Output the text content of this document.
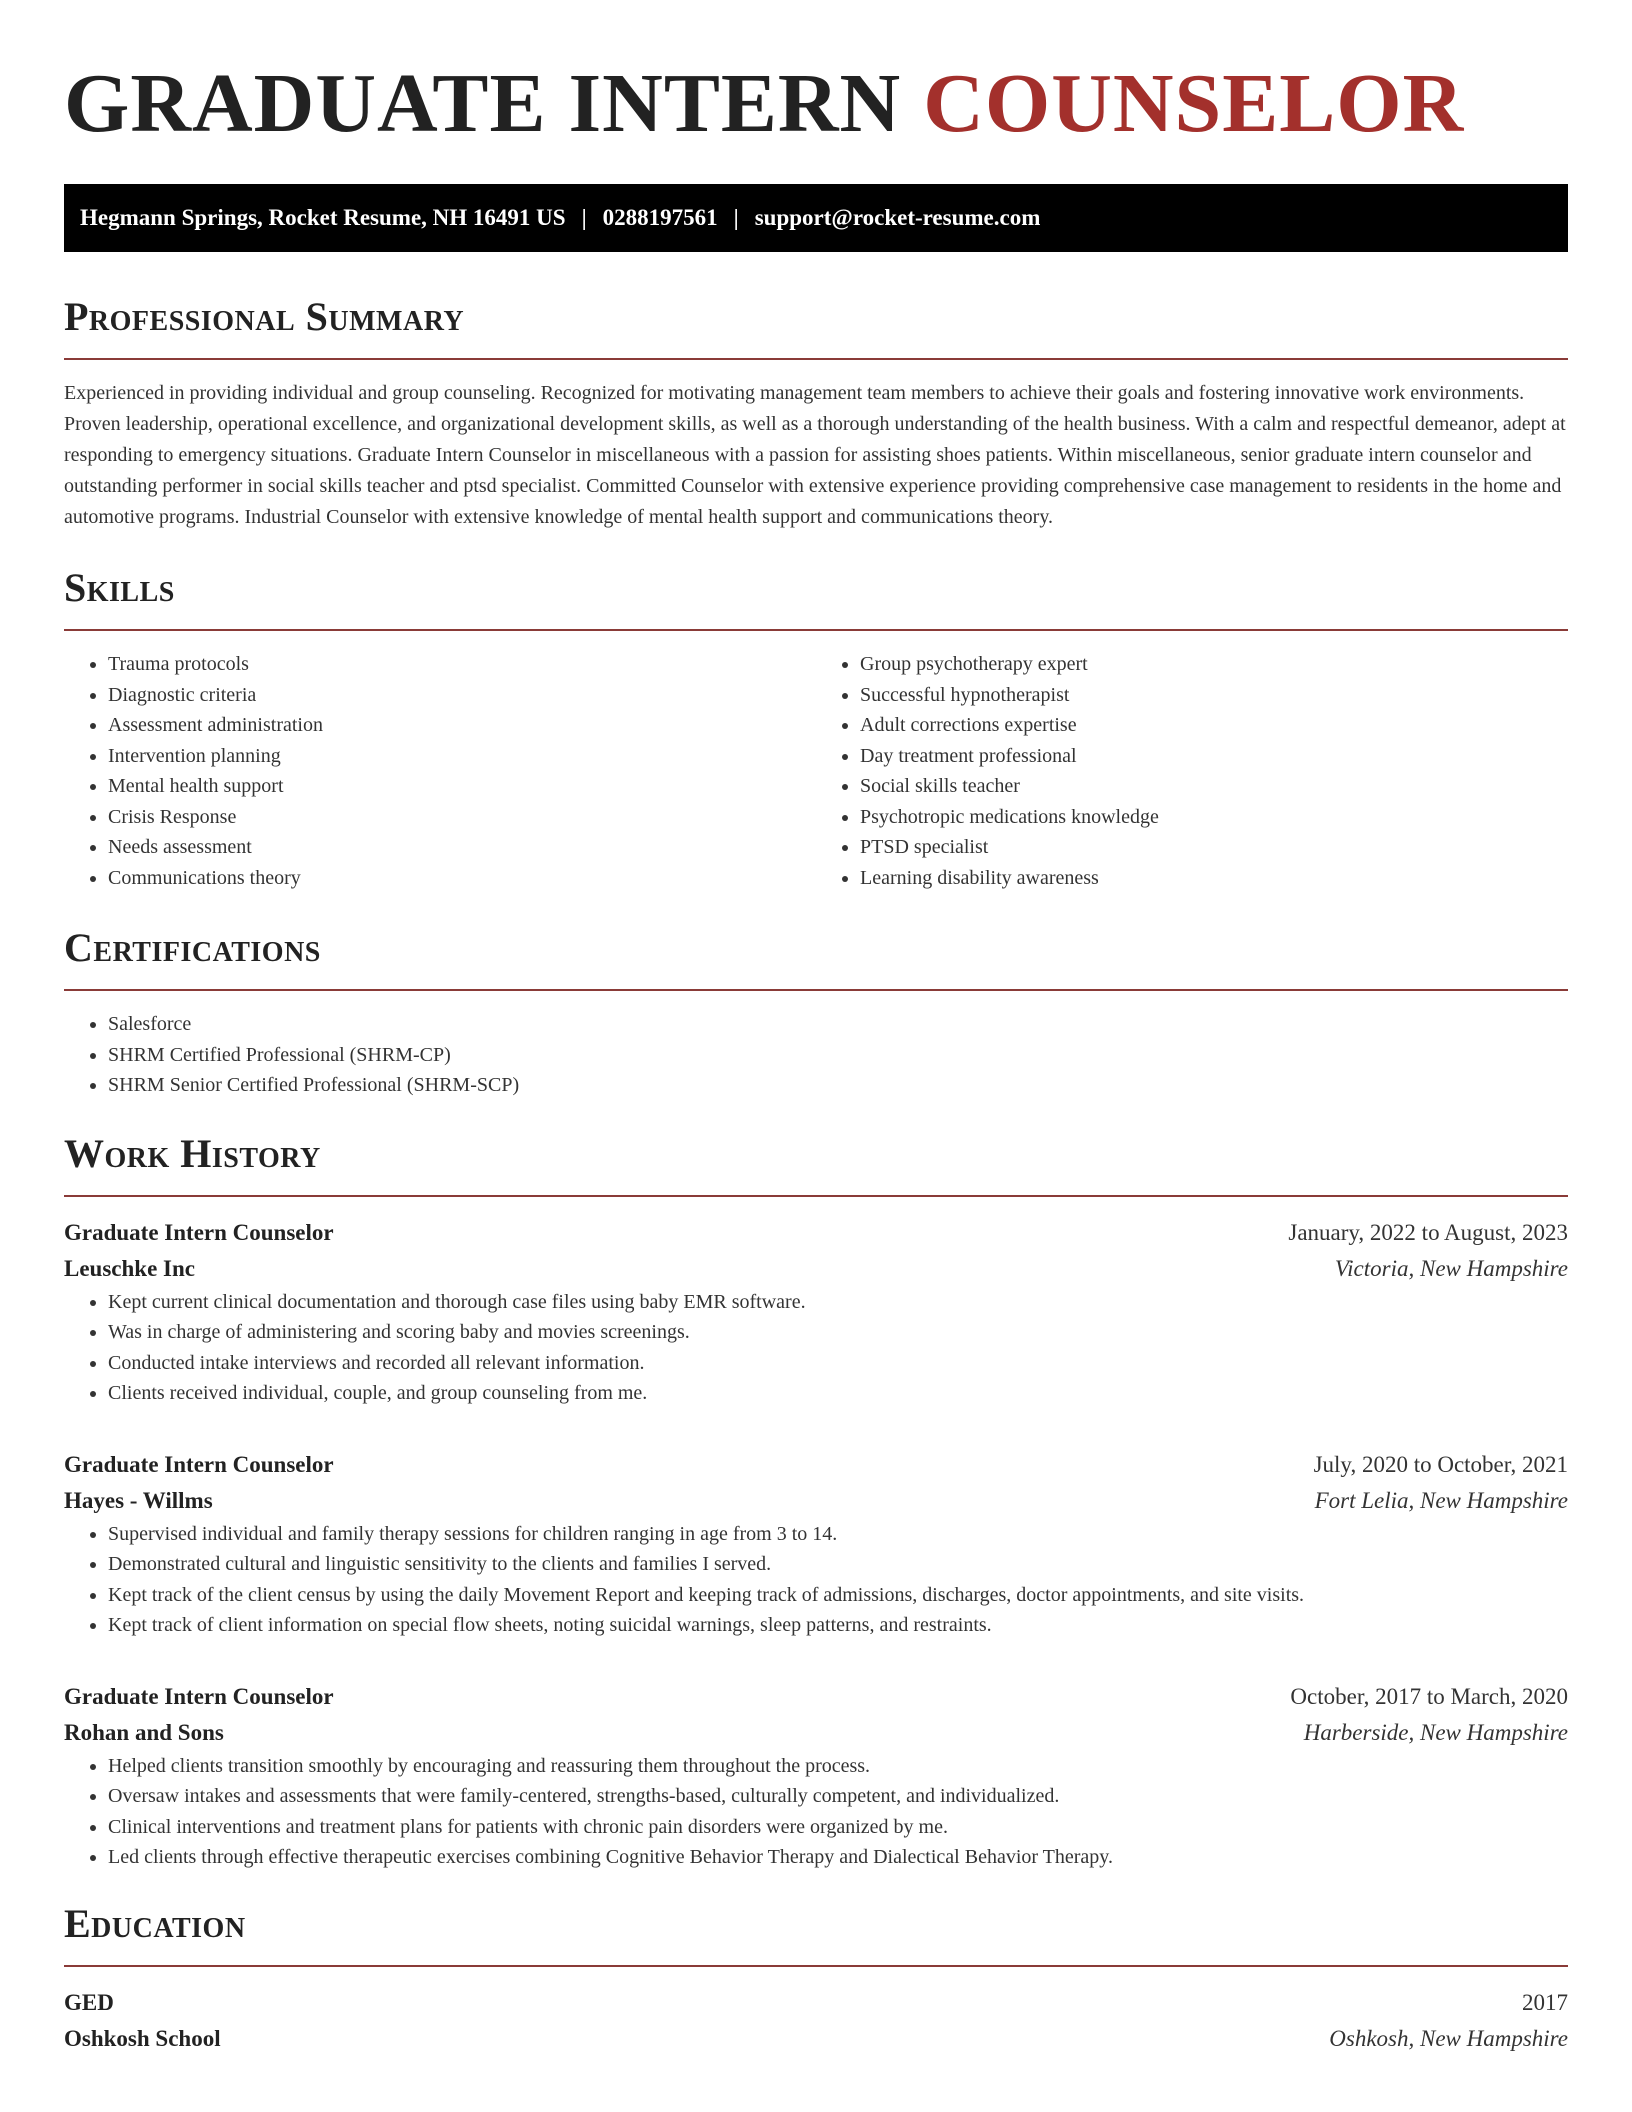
GRADUATE INTERN COUNSELOR
Hegmann Springs, Rocket Resume, NH 16491 US | 0288197561 | support@rocket-resume.com
Professional Summary

Experienced in providing individual and group counseling. Recognized for motivating management team members to achieve their goals and fostering innovative work environments. Proven leadership, operational excellence, and organizational development skills, as well as a thorough understanding of the health business. With a calm and respectful demeanor, adept at responding to emergency situations. Graduate Intern Counselor in miscellaneous with a passion for assisting shoes patients. Within miscellaneous, senior graduate intern counselor and outstanding performer in social skills teacher and ptsd specialist. Committed Counselor with extensive experience providing comprehensive case management to residents in the home and automotive programs. Industrial Counselor with extensive knowledge of mental health support and communications theory.

Skills
• Trauma protocols
• Diagnostic criteria
• Assessment administration
• Intervention planning
• Mental health support
• Crisis Response
• Needs assessment
• Communications theory
• Group psychotherapy expert
• Successful hypnotherapist
• Adult corrections expertise
• Day treatment professional
• Social skills teacher
• Psychotropic medications knowledge
• PTSD specialist
• Learning disability awareness
Certifications
• Salesforce
• SHRM Certified Professional (SHRM-CP)
• SHRM Senior Certified Professional (SHRM-SCP)
Work History
Graduate Intern Counselor	January, 2022 to August, 2023
Leuschke Inc	Victoria, New Hampshire
• Kept current clinical documentation and thorough case files using baby EMR software.
• Was in charge of administering and scoring baby and movies screenings.
• Conducted intake interviews and recorded all relevant information.
• Clients received individual, couple, and group counseling from me.
Graduate Intern Counselor	July, 2020 to October, 2021
Hayes - Willms	Fort Lelia, New Hampshire
• Supervised individual and family therapy sessions for children ranging in age from 3 to 14.
• Demonstrated cultural and linguistic sensitivity to the clients and families I served.
• Kept track of the client census by using the daily Movement Report and keeping track of admissions, discharges, doctor appointments, and site visits.
• Kept track of client information on special flow sheets, noting suicidal warnings, sleep patterns, and restraints.
Graduate Intern Counselor	October, 2017 to March, 2020
Rohan and Sons	Harberside, New Hampshire
• Helped clients transition smoothly by encouraging and reassuring them throughout the process.
• Oversaw intakes and assessments that were family-centered, strengths-based, culturally competent, and individualized.
• Clinical interventions and treatment plans for patients with chronic pain disorders were organized by me.
• Led clients through effective therapeutic exercises combining Cognitive Behavior Therapy and Dialectical Behavior Therapy.
Education
GED	2017
Oshkosh School	Oshkosh, New Hampshire
